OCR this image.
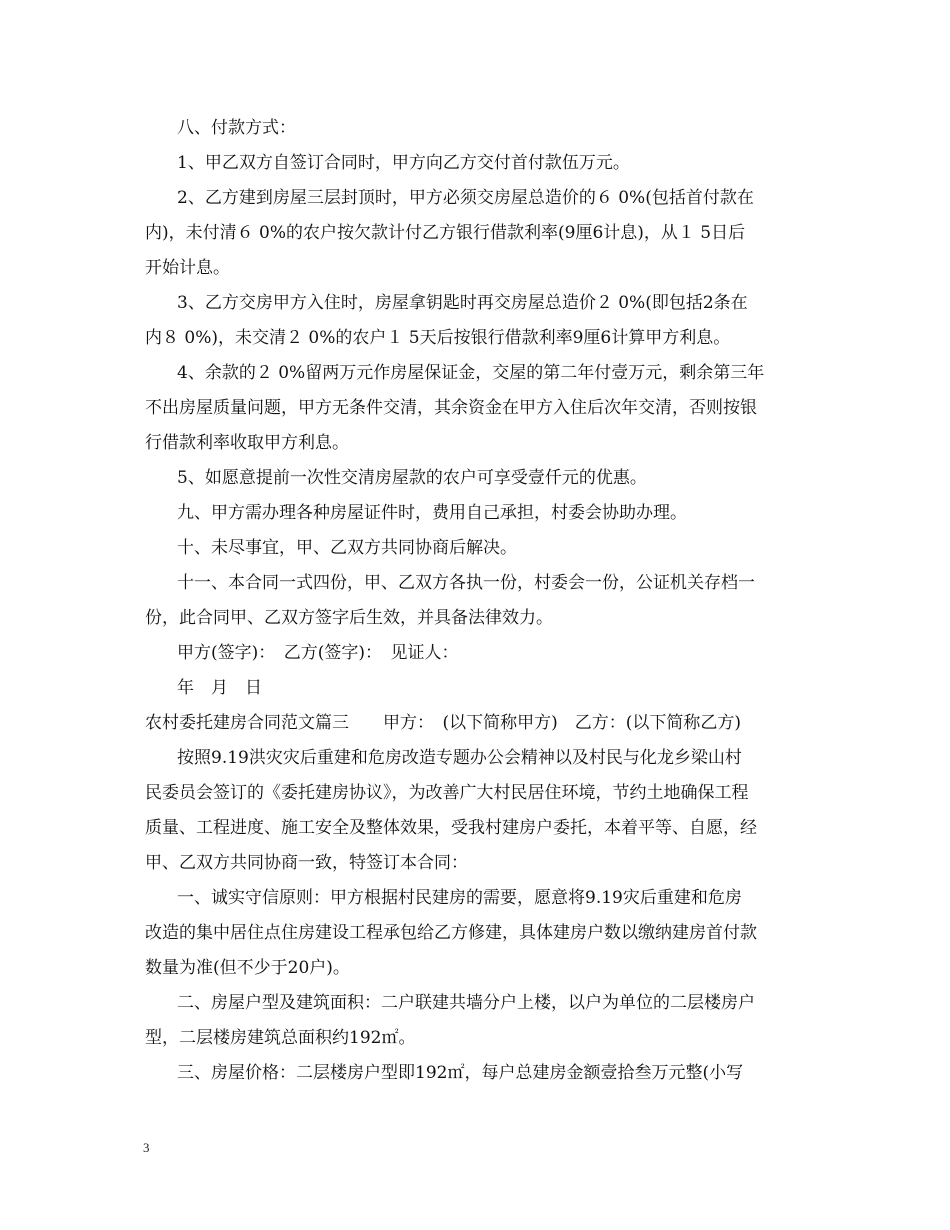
八、付款方式：
1、甲乙双方自签订合同时，甲方向乙方交付首付款伍万元。
2、乙方建到房屋三层封顶时，甲方必须交房屋总造价的６ 0%(包括首付款在
内)，未付清６ 0%的农户按欠款计付乙方银行借款利率(9厘6计息)，从１ 5日后
开始计息。
3、乙方交房甲方入住时，房屋拿钥匙时再交房屋总造价２ 0%(即包括2条在
内８ 0%)，未交清２ 0%的农户１ 5天后按银行借款利率9厘6计算甲方利息。
4、余款的２ 0%留两万元作房屋保证金，交屋的第二年付壹万元，剩余第三年
不出房屋质量问题，甲方无条件交清，其余资金在甲方入住后次年交清，否则按银
行借款利率收取甲方利息。
5、如愿意提前一次性交清房屋款的农户可享受壹仟元的优惠。
九、甲方需办理各种房屋证件时，费用自己承担，村委会协助办理。
十、未尽事宜，甲、乙双方共同协商后解决。
十一、本合同一式四份，甲、乙双方各执一份，村委会一份，公证机关存档一
份，此合同甲、乙双方签字后生效，并具备法律效力。
甲方(签字)：　乙方(签字)：　见证人：
年　月　日
农村委托建房合同范文篇三　　甲方：　(以下简称甲方)　乙方：(以下简称乙方)
按照9.19洪灾灾后重建和危房改造专题办公会精神以及村民与化龙乡梁山村
民委员会签订的《委托建房协议》，为改善广大村民居住环境，节约土地确保工程
质量、工程进度、施工安全及整体效果，受我村建房户委托，本着平等、自愿，经
甲、乙双方共同协商一致，特签订本合同：
一、诚实守信原则：甲方根据村民建房的需要，愿意将9.19灾后重建和危房
改造的集中居住点住房建设工程承包给乙方修建，具体建房户数以缴纳建房首付款
数量为准(但不少于20户)。
二、房屋户型及建筑面积：二户联建共墙分户上楼，以户为单位的二层楼房户
型，二层楼房建筑总面积约192㎡。
三、房屋价格：二层楼房户型即192㎡，每户总建房金额壹拾叁万元整(小写
3
